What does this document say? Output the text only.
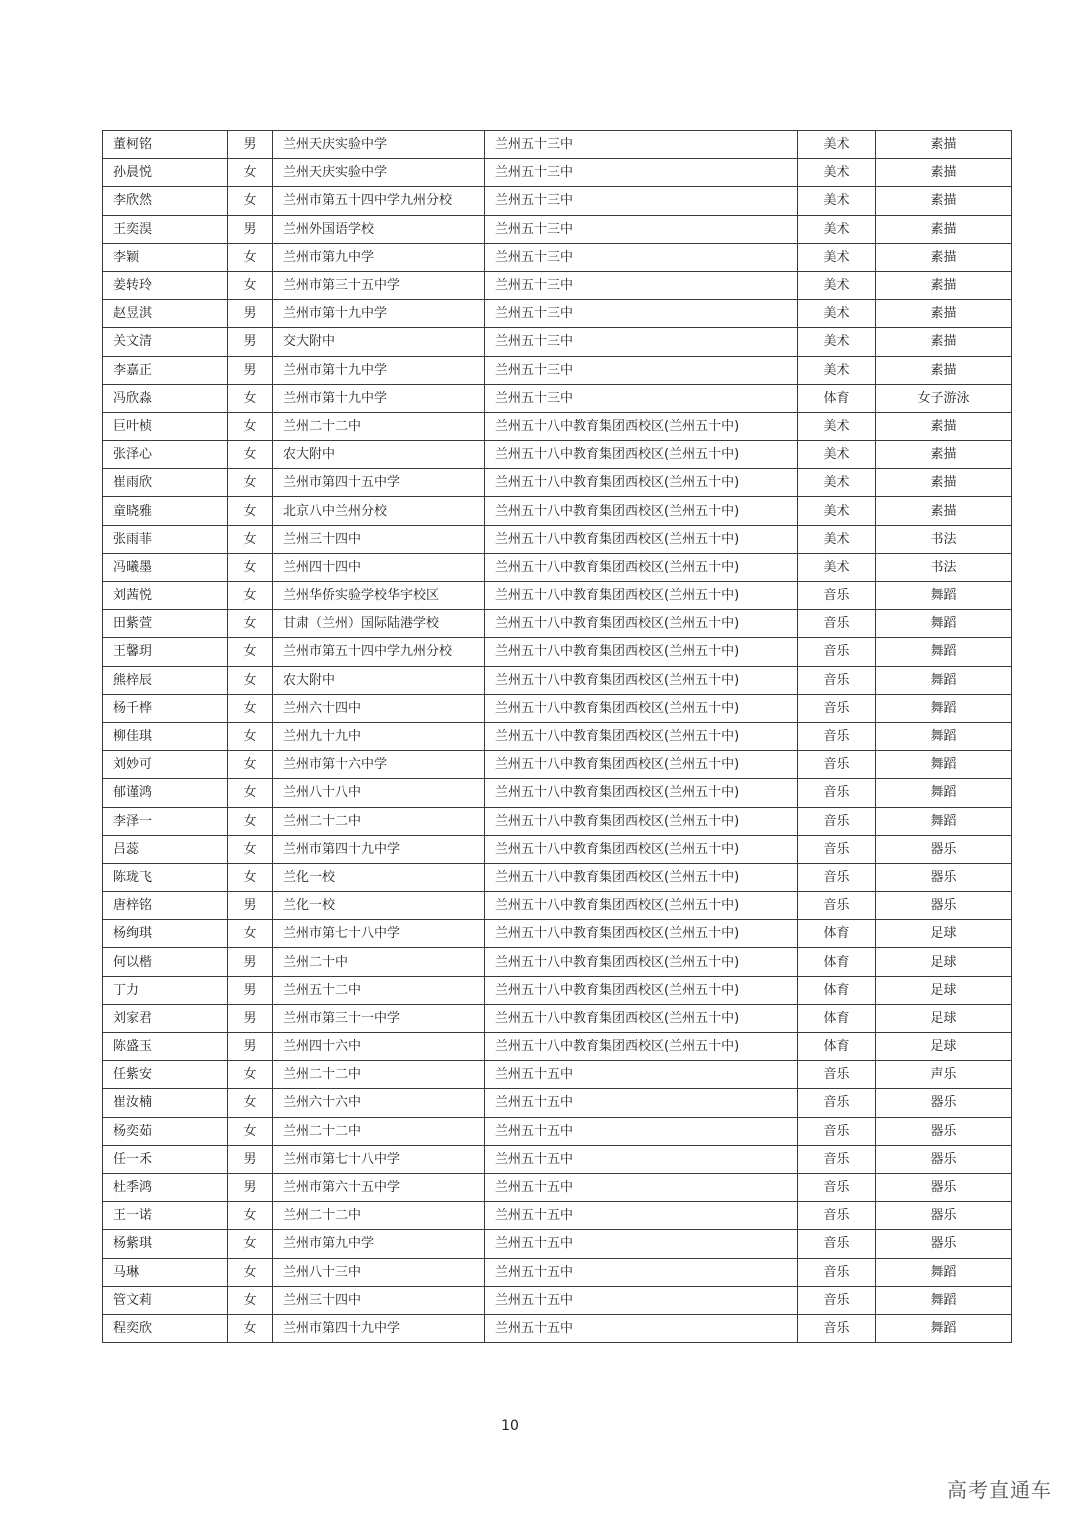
董柯铭	男	兰州天庆实验中学	兰州五十三中	美术	素描
孙晨悦	女	兰州天庆实验中学	兰州五十三中	美术	素描
李欣然	女	兰州市第五十四中学九州分校	兰州五十三中	美术	素描
王奕淏	男	兰州外国语学校	兰州五十三中	美术	素描
李颖	女	兰州市第九中学	兰州五十三中	美术	素描
姜转玲	女	兰州市第三十五中学	兰州五十三中	美术	素描
赵昱淇	男	兰州市第十九中学	兰州五十三中	美术	素描
关文清	男	交大附中	兰州五十三中	美术	素描
李嘉正	男	兰州市第十九中学	兰州五十三中	美术	素描
冯欣淼	女	兰州市第十九中学	兰州五十三中	体育	女子游泳
巨叶桢	女	兰州二十二中	兰州五十八中教育集团西校区(兰州五十中)	美术	素描
张泽心	女	农大附中	兰州五十八中教育集团西校区(兰州五十中)	美术	素描
崔雨欣	女	兰州市第四十五中学	兰州五十八中教育集团西校区(兰州五十中)	美术	素描
童晓雅	女	北京八中兰州分校	兰州五十八中教育集团西校区(兰州五十中)	美术	素描
张雨菲	女	兰州三十四中	兰州五十八中教育集团西校区(兰州五十中)	美术	书法
冯曦墨	女	兰州四十四中	兰州五十八中教育集团西校区(兰州五十中)	美术	书法
刘茜悦	女	兰州华侨实验学校华宇校区	兰州五十八中教育集团西校区(兰州五十中)	音乐	舞蹈
田紫萱	女	甘肃（兰州）国际陆港学校	兰州五十八中教育集团西校区(兰州五十中)	音乐	舞蹈
王馨玥	女	兰州市第五十四中学九州分校	兰州五十八中教育集团西校区(兰州五十中)	音乐	舞蹈
熊梓辰	女	农大附中	兰州五十八中教育集团西校区(兰州五十中)	音乐	舞蹈
杨千桦	女	兰州六十四中	兰州五十八中教育集团西校区(兰州五十中)	音乐	舞蹈
柳佳琪	女	兰州九十九中	兰州五十八中教育集团西校区(兰州五十中)	音乐	舞蹈
刘妙可	女	兰州市第十六中学	兰州五十八中教育集团西校区(兰州五十中)	音乐	舞蹈
郁谨鸿	女	兰州八十八中	兰州五十八中教育集团西校区(兰州五十中)	音乐	舞蹈
李泽一	女	兰州二十二中	兰州五十八中教育集团西校区(兰州五十中)	音乐	舞蹈
吕蕊	女	兰州市第四十九中学	兰州五十八中教育集团西校区(兰州五十中)	音乐	器乐
陈珑飞	女	兰化一校	兰州五十八中教育集团西校区(兰州五十中)	音乐	器乐
唐梓铭	男	兰化一校	兰州五十八中教育集团西校区(兰州五十中)	音乐	器乐
杨绚琪	女	兰州市第七十八中学	兰州五十八中教育集团西校区(兰州五十中)	体育	足球
何以楷	男	兰州二十中	兰州五十八中教育集团西校区(兰州五十中)	体育	足球
丁力	男	兰州五十二中	兰州五十八中教育集团西校区(兰州五十中)	体育	足球
刘家君	男	兰州市第三十一中学	兰州五十八中教育集团西校区(兰州五十中)	体育	足球
陈盛玉	男	兰州四十六中	兰州五十八中教育集团西校区(兰州五十中)	体育	足球
任紫安	女	兰州二十二中	兰州五十五中	音乐	声乐
崔汝楠	女	兰州六十六中	兰州五十五中	音乐	器乐
杨奕茹	女	兰州二十二中	兰州五十五中	音乐	器乐
任一禾	男	兰州市第七十八中学	兰州五十五中	音乐	器乐
杜季鸿	男	兰州市第六十五中学	兰州五十五中	音乐	器乐
王一诺	女	兰州二十二中	兰州五十五中	音乐	器乐
杨紫琪	女	兰州市第九中学	兰州五十五中	音乐	器乐
马琳	女	兰州八十三中	兰州五十五中	音乐	舞蹈
管文莉	女	兰州三十四中	兰州五十五中	音乐	舞蹈
程奕欣	女	兰州市第四十九中学	兰州五十五中	音乐	舞蹈
10
高考直通车
